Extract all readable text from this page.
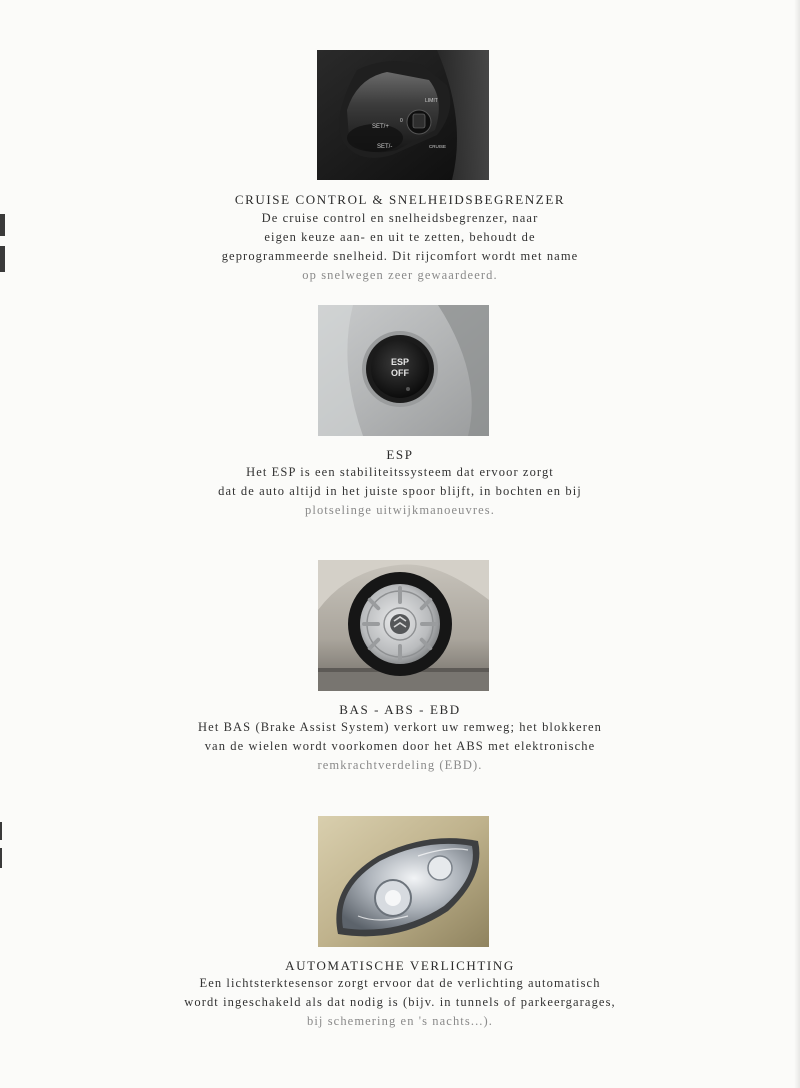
SET/+
SET/-
LIMIT
0
CRUISE
CRUISE CONTROL & SNELHEIDSBEGRENZER
De cruise control en snelheidsbegrenzer, naar
eigen keuze aan- en uit te zetten, behoudt de
geprogrammeerde snelheid. Dit rijcomfort wordt met name
op snelwegen zeer gewaardeerd.
ESP
OFF
ESP
Het ESP is een stabiliteitssysteem dat ervoor zorgt
dat de auto altijd in het juiste spoor blijft, in bochten en bij
plotselinge uitwijkmanoeuvres.
BAS - ABS - EBD
Het BAS (Brake Assist System) verkort uw remweg; het blokkeren
van de wielen wordt voorkomen door het ABS met elektronische
remkrachtverdeling (EBD).
AUTOMATISCHE VERLICHTING
Een lichtsterktesensor zorgt ervoor dat de verlichting automatisch
wordt ingeschakeld als dat nodig is (bijv. in tunnels of parkeergarages,
bij schemering en 's nachts...).
